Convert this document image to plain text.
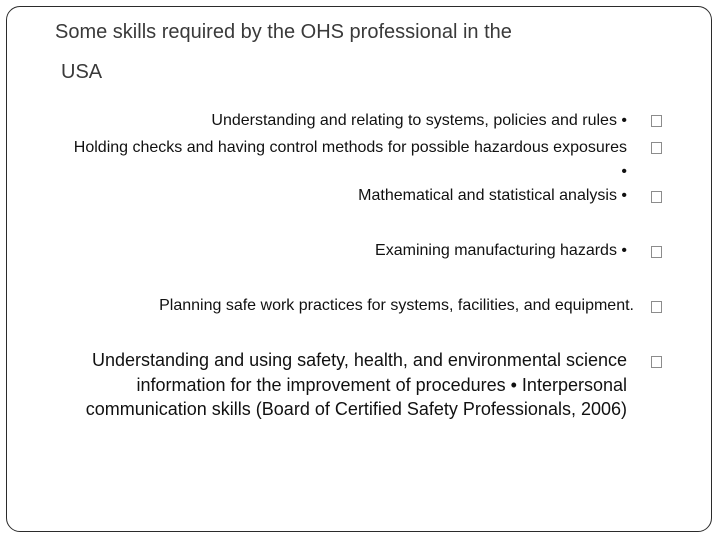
Some skills required by the OHS professional in the
USA
Understanding and relating to systems, policies and rules •
Holding checks and having control methods for possible hazardous exposures •
Mathematical and statistical analysis •
Examining manufacturing hazards •
Planning safe work practices for systems, facilities, and equipment.
Understanding and using safety, health, and environmental science information for the improvement of procedures • Interpersonal communication skills (Board of Certified Safety Professionals, 2006)
